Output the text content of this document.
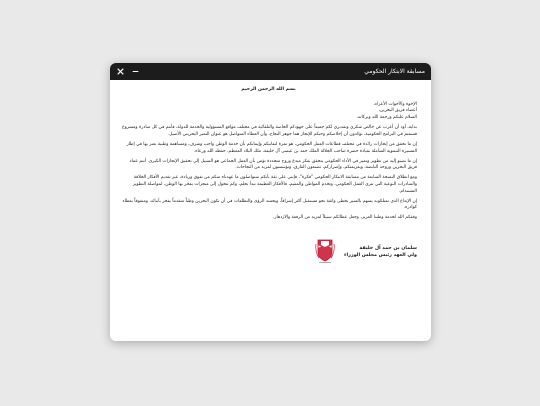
مسابقة الابتكار الحكومي

بسم الله الرحمن الرحيم

الإخوة والأخوات الأعزاء،
أعضاء فريق البحرين،
السلام عليكم ورحمة الله وبركاته،

بداية، أود أن أعرب عن خالص شكري وتقديري لكم جميعاً على جهودكم الخاصة والتلقائية في مختلف مواقع المسؤولية والخدمة للدولة، فأنتم في كل مبادرة ومشروع قسمتم في البرامج الحكومية، تؤكدون أن إخلاصكم وحبكم للإنجاز هما جوهر النجاح، وأن العطاء المتواصل هو عنوان التميز البحريني الأصيل.

إن ما تحقق من إنجازات رائدة في مختلف قطاعات العمل الحكومي، هو ثمرة لتفانيكم وإيمانكم بأن خدمة الوطن واجب وشرف، ومساهمة وطنية نعتز بها في إطار المسيرة التنموية الشاملة بقيادة حضرة صاحب الجلالة الملك حمد بن عيسى آل خليفة، ملك البلاد المعظم، حفظه الله ورعاه.

إن ما نصبو إليه من تطوير وتميز في الأداء الحكومي يتحقق بفكر مبدع وروح متجددة تؤمن بأن العمل الجماعي هو السبيل إلى تحقيق الإنجازات الكبرى. أنتم عماد فريق البحرين وروحه النابضة، وبعزيمتكم، وإصراركم، تصنعون الفارق، وتؤسسون لمزيد من النجاحات.

ومع انطلاق النسخة السابعة من مسابقة الابتكار الحكومي "فكرة"، فإنني على ثقة بأنكم ستواصلون ما عهدناه منكم من تفوق وريادة، عبر تقديم الأفكار الخلاقة والمبادرات النوعية التي تثري العمل الحكومي، وتخدم المواطن والمقيم، فالأفكار العظيمة تبدأ بحلم، وكم تتحول إلى منجزات يفخر بها الوطن، لمواصلة التطوير المستدام.

إن الإبداع الذي تمتلكونه يسهم بالسير بخطى واثقة نحو مستقبل أكثر إشراقاً، ويجسد الرؤى والتطلعات في أن تكون البحرين وطناً متقدماً يفخر بأبنائه، ومتفوقاً بعطاء كوادره.

وفقكم الله لخدمة وطننا العزيز، وجعل عطائكم سبيلاً لمزيد من الرفعة والازدهار.

سلمان بن حمد آل خليفة
ولي العهد رئيس مجلس الوزراء
